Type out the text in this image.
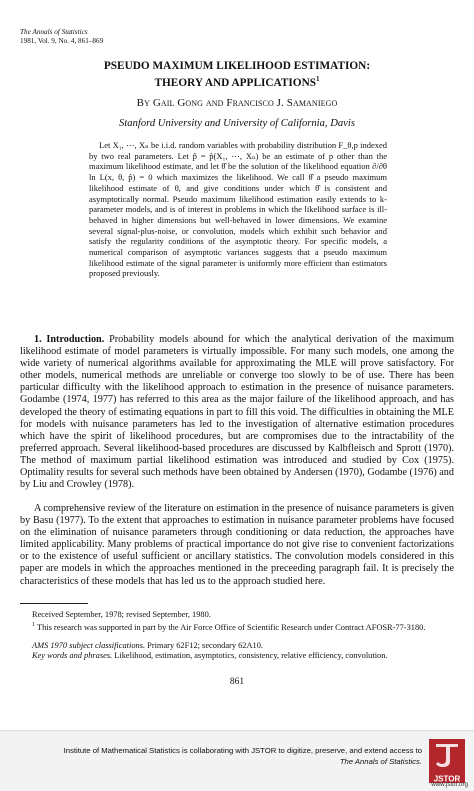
The Annals of Statistics
1981, Vol. 9, No. 4, 861–869
PSEUDO MAXIMUM LIKELIHOOD ESTIMATION:
THEORY AND APPLICATIONS$^1$
By Gail Gong and Francisco J. Samaniego
Stanford University and University of California, Davis

Let X₁, ⋯, Xₙ be i.i.d. random variables with probability distribution F_θ,p indexed by two real parameters. Let p̂ = p̂(X₁, ⋯, Xₙ) be an estimate of p other than the maximum likelihood estimate, and let θ̂ be the solution of the likelihood equation ∂/∂θ ln L(x, θ, p̂) = 0 which maximizes the likelihood. We call θ̂ a pseudo maximum likelihood estimate of θ, and give conditions under which θ̂ is consistent and asymptotically normal. Pseudo maximum likelihood estimation easily extends to k-parameter models, and is of interest in problems in which the likelihood surface is ill-behaved in higher dimensions but well-behaved in lower dimensions. We examine several signal-plus-noise, or convolution, models which exhibit such behavior and satisfy the regularity conditions of the asymptotic theory. For specific models, a numerical comparison of asymptotic variances suggests that a pseudo maximum likelihood estimate of the signal parameter is uniformly more efficient than estimators proposed previously.

1. Introduction. Probability models abound for which the analytical derivation of the maximum likelihood estimate of model parameters is virtually impossible. For many such models, one among the wide variety of numerical algorithms available for approximating the MLE will prove satisfactory. For other models, numerical methods are unreliable or converge too slowly to be of use. There has been particular difficulty with the likelihood approach to estimation in the presence of nuisance parameters. Godambe (1974, 1977) has referred to this area as the major failure of the likelihood approach, and has developed the theory of estimating equations in part to fill this void. The difficulties in obtaining the MLE for models with nuisance parameters has led to the investigation of alternative estimation procedures which have the spirit of likelihood procedures, but are compromises due to the intractability of the preferred approach. Several likelihood-based procedures are discussed by Kalbfleisch and Sprott (1970). The method of maximum partial likelihood estimation was introduced and studied by Cox (1975). Optimality results for several such methods have been obtained by Andersen (1970), Godambe (1976) and by Liu and Crowley (1978).

A comprehensive review of the literature on estimation in the presence of nuisance parameters is given by Basu (1977). To the extent that approaches to estimation in nuisance parameter problems have focused on the elimination of nuisance parameters through conditioning or data reduction, the approaches have limited applicability. Many problems of practical importance do not give rise to convenient factorizations or to the existence of useful sufficient or ancillary statistics. The convolution models considered in this paper are models in which the approaches mentioned in the preceeding paragraph fail. It is precisely the characteristics of these models that has led us to the approach studied here.

Received September, 1978; revised September, 1980.

$^1$ This research was supported in part by the Air Force Office of Scientific Research under Contract AFOSR-77-3180.

AMS 1970 subject classifications. Primary 62F12; secondary 62A10.

Key words and phrases. Likelihood, estimation, asymptotics, consistency, relative efficiency, convolution.

861
Institute of Mathematical Statistics is collaborating with JSTOR to digitize, preserve, and extend access to
The Annals of Statistics.
JSTOR
www.jstor.org
